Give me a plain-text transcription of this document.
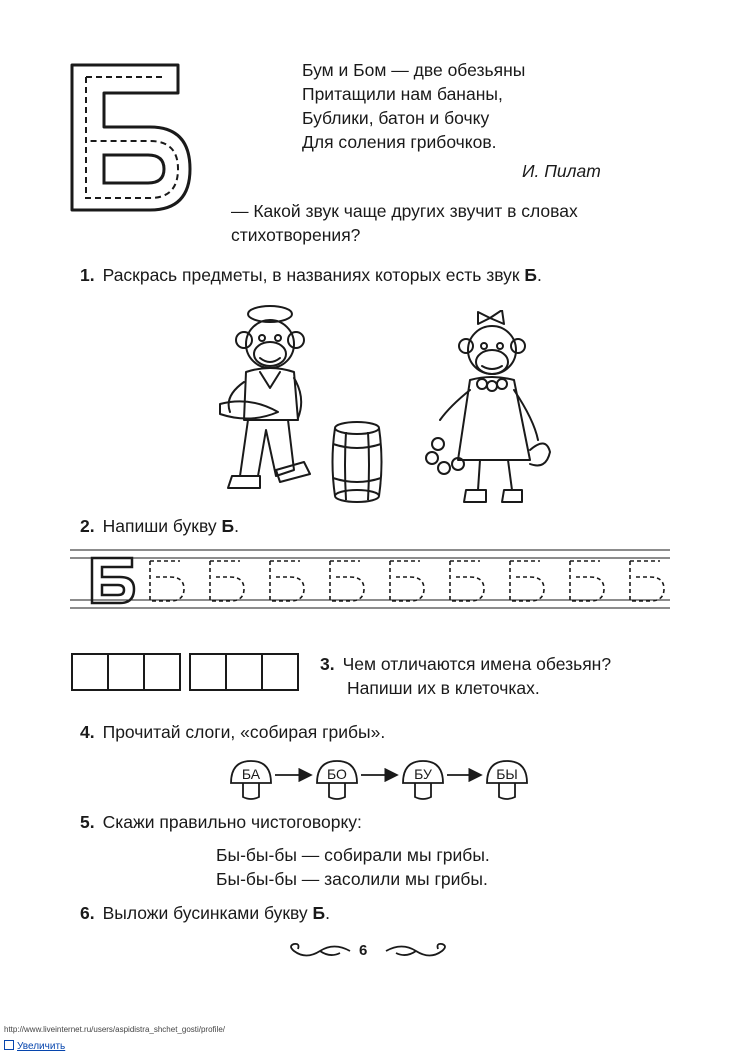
Бум и Бом — две обезьяны
Притащили нам бананы,
Бублики, батон и бочку
Для соления грибочков.
И. Пилат
— Какой звук чаще других звучит в словах стихотворения?
1. Раскрась предметы, в названиях которых есть звук Б.
2. Напиши букву Б.
3. Чем отличаются имена обезьян?
Напиши их в клеточках.
4. Прочитай слоги, «собирая грибы».
БА	БО	БУ	БЫ
5. Скажи правильно чистоговорку:
Бы-бы-бы — собирали мы грибы.
Бы-бы-бы — засолили мы грибы.
6. Выложи бусинками букву Б.
6
http://www.liveinternet.ru/users/aspidistra_shchet_gosti/profile/
Увеличить
